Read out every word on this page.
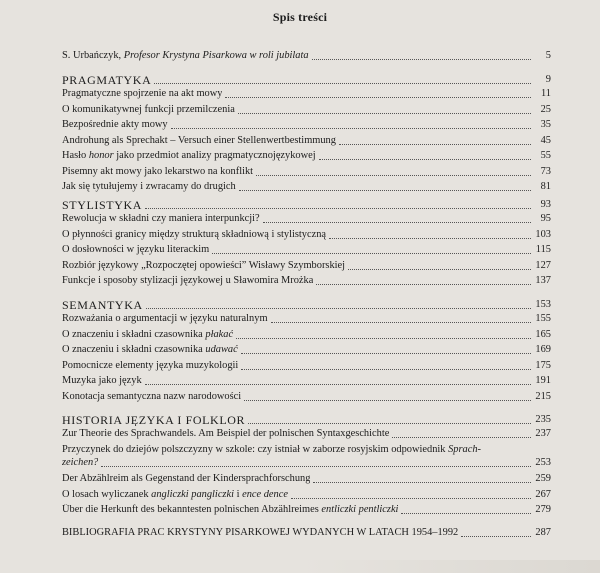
Spis treści
S. Urbańczyk, Profesor Krystyna Pisarkowa w roli jubilata	5
PRAGMATYKA	9
Pragmatyczne spojrzenie na akt mowy	11
O komunikatywnej funkcji przemilczenia	25
Bezpośrednie akty mowy	35
Androhung als Sprechakt – Versuch einer Stellenwertbestimmung	45
Hasło honor jako przedmiot analizy pragmatycznojęzykowej	55
Pisemny akt mowy jako lekarstwo na konflikt	73
Jak się tytułujemy i zwracamy do drugich	81
STYLISTYKA	93
Rewolucja w składni czy maniera interpunkcji?	95
O płynności granicy między strukturą składniową i stylistyczną	103
O dosłowności w języku literackim	115
Rozbiór językowy „Rozpoczętej opowieści” Wisławy Szymborskiej	127
Funkcje i sposoby stylizacji językowej u Sławomira Mrożka	137
SEMANTYKA	153
Rozważania o argumentacji w języku naturalnym	155
O znaczeniu i składni czasownika płakać	165
O znaczeniu i składni czasownika udawać	169
Pomocnicze elementy języka muzykologii	175
Muzyka jako język	191
Konotacja semantyczna nazw narodowości	215
HISTORIA JĘZYKA I FOLKLOR	235
Zur Theorie des Sprachwandels. Am Beispiel der polnischen Syntaxgeschichte	237
Przyczynek do dziejów polszczyzny w szkole: czy istniał w zaborze rosyjskim odpowiednik Sprach-
zeichen?	253
Der Abzählreim als Gegenstand der Kindersprachforschung	259
O losach wyliczanek angliczki pangliczki i ence dence	267
Über die Herkunft des bekanntesten polnischen Abzählreimes entliczki pentliczki	279
BIBLIOGRAFIA PRAC KRYSTYNY PISARKOWEJ WYDANYCH W LATACH 1954–1992	287
